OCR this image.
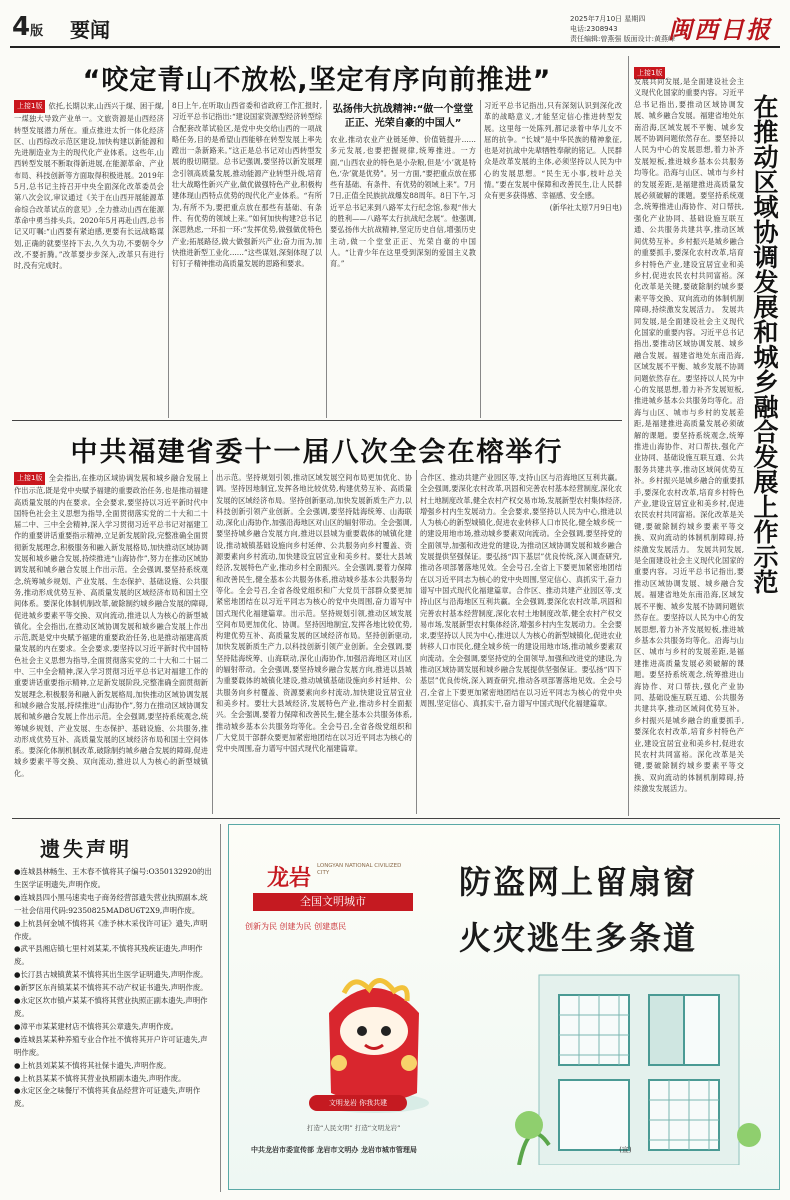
4版 要闻	2025年7月10日 星期四
电话:2308943
责任编辑:曾燕强 版面设计:黄燕峰
闽西日报
“咬定青山不放松,坚定有序向前推进”
上接1版 依托,长期以来,山西兴于煤、困于煤,一煤独大导致产业单一。文旅资源是山西经济转型发展潜力所在。重点推进太忻一体化经济区、山西综改示范区建设,加快构建以新能源和先进制造业为主的现代化产业体系。这些年,山西转型发展不断取得新进展,在能源革命、产业布局、科技创新等方面取得积极进展。2019年5月,总书记主持召开中央全面深化改革委员会第八次会议,审议通过《关于在山西开展能源革命综合改革试点的意见》,全力推动山西在能源革命中勇当排头兵。2020年5月再赴山西,总书记又叮嘱:“山西要有紧迫感,更要有长远战略谋划,正确的就要坚持下去,久久为功,不要朝令夕改,不要折腾。”改革要步步深入,改革只有进行时,没有完成时。
8日上午,在听取山西省委和省政府工作汇报时,习近平总书记指出:“建设国家资源型经济转型综合配套改革试验区,是党中央交给山西的一项战略任务,目的是希望山西能够在转型发展上率先蹚出一条新路来。”这正是总书记对山西转型发展的殷切期望。总书记强调,要坚持以新发展理念引领高质量发展,推动能源产业转型升级,培育壮大战略性新兴产业,做优做强特色产业,积极构建体现山西特点优势的现代化产业体系。“有所为,有所不为,要把重点放在那些有基础、有条件、有优势的领域上来。”如何加快构建?总书记深思熟虑,一环扣一环:“发挥优势,做强做优特色产业;拓展路径,做大做强新兴产业;奋力而为,加快推进新型工业化……”这些谋划,深刻体现了以钉钉子精神推动高质量发展的思路和要求。
弘扬伟大抗战精神:“做一个堂堂正正、光荣自豪的中国人”
农业,推动农业产业链延伸、价值链提升……多元发展,也要把握规律,统筹推进。一方面,“山西农业的特色是小杂粮,但是‘小’就是特色,‘杂’就是优势”。另一方面,“要把重点放在那些有基础、有条件、有优势的领域上来”。7月7日,正值全民族抗战爆发88周年。8日下午,习近平总书记来到八路军太行纪念馆,参观“伟大的胜利——八路军太行抗战纪念展”。他强调,要弘扬伟大抗战精神,坚定历史自信,增强历史主动,做一个堂堂正正、光荣自豪的中国人。“让青少年在这里受到深刻的爱国主义教育。”
习近平总书记指出,只有深刻认识到深化改革的战略意义,才能坚定信心推进转型发展。这里每一处陈列,都记录着中华儿女不屈的抗争。“长城”是中华民族的精神象征,也是对抗战中先辈牺牲奉献的铭记。人民群众是改革发展的主体,必须坚持以人民为中心的发展思想。“民生无小事,枝叶总关情。”要在发展中保障和改善民生,让人民群众有更多获得感、幸福感、安全感。
(新华社太原7月9日电)
上接1版
发展共同发展,是全面建设社会主义现代化国家的重要内容。习近平总书记指出,要推动区域协调发展、城乡融合发展。福建省地处东南沿海,区域发展不平衡、城乡发展不协调问题依然存在。要坚持以人民为中心的发展思想,着力补齐发展短板,推进城乡基本公共服务均等化。沿海与山区、城市与乡村的发展差距,是福建推进高质量发展必须破解的课题。要坚持系统观念,统筹推进山海协作、对口帮扶,强化产业协同、基础设施互联互通、公共服务共建共享,推动区域间优势互补。乡村振兴是城乡融合的重要抓手,要深化农村改革,培育乡村特色产业,建设宜居宜业和美乡村,促进农民农村共同富裕。深化改革是关键,要破除制约城乡要素平等交换、双向流动的体制机制障碍,持续激发发展活力。 发展共同发展,是全面建设社会主义现代化国家的重要内容。习近平总书记指出,要推动区域协调发展、城乡融合发展。福建省地处东南沿海,区域发展不平衡、城乡发展不协调问题依然存在。要坚持以人民为中心的发展思想,着力补齐发展短板,推进城乡基本公共服务均等化。沿海与山区、城市与乡村的发展差距,是福建推进高质量发展必须破解的课题。要坚持系统观念,统筹推进山海协作、对口帮扶,强化产业协同、基础设施互联互通、公共服务共建共享,推动区域间优势互补。乡村振兴是城乡融合的重要抓手,要深化农村改革,培育乡村特色产业,建设宜居宜业和美乡村,促进农民农村共同富裕。深化改革是关键,要破除制约城乡要素平等交换、双向流动的体制机制障碍,持续激发发展活力。 发展共同发展,是全面建设社会主义现代化国家的重要内容。习近平总书记指出,要推动区域协调发展、城乡融合发展。福建省地处东南沿海,区域发展不平衡、城乡发展不协调问题依然存在。要坚持以人民为中心的发展思想,着力补齐发展短板,推进城乡基本公共服务均等化。沿海与山区、城市与乡村的发展差距,是福建推进高质量发展必须破解的课题。要坚持系统观念,统筹推进山海协作、对口帮扶,强化产业协同、基础设施互联互通、公共服务共建共享,推动区域间优势互补。乡村振兴是城乡融合的重要抓手,要深化农村改革,培育乡村特色产业,建设宜居宜业和美乡村,促进农民农村共同富裕。深化改革是关键,要破除制约城乡要素平等交换、双向流动的体制机制障碍,持续激发发展活力。
在推动区域协调发展和城乡融合发展上作示范
中共福建省委十一届八次全会在榕举行
上接1版 全会指出,在推动区域协调发展和城乡融合发展上作出示范,既是党中央赋予福建的重要政治任务,也是推动福建高质量发展的内在要求。全会要求,要坚持以习近平新时代中国特色社会主义思想为指导,全面贯彻落实党的二十大和二十届二中、三中全会精神,深入学习贯彻习近平总书记对福建工作的重要讲话重要指示精神,立足新发展阶段,完整准确全面贯彻新发展理念,积极服务和融入新发展格局,加快推动区域协调发展和城乡融合发展,持续推进“山海协作”,努力在推动区域协调发展和城乡融合发展上作出示范。全会强调,要坚持系统观念,统筹城乡规划、产业发展、生态保护、基础设施、公共服务,推动形成优势互补、高质量发展的区域经济布局和国土空间体系。要深化体制机制改革,破除制约城乡融合发展的障碍,促进城乡要素平等交换、双向流动,推进以人为核心的新型城镇化。全会指出,在推动区域协调发展和城乡融合发展上作出示范,既是党中央赋予福建的重要政治任务,也是推动福建高质量发展的内在要求。全会要求,要坚持以习近平新时代中国特色社会主义思想为指导,全面贯彻落实党的二十大和二十届二中、三中全会精神,深入学习贯彻习近平总书记对福建工作的重要讲话重要指示精神,立足新发展阶段,完整准确全面贯彻新发展理念,积极服务和融入新发展格局,加快推动区域协调发展和城乡融合发展,持续推进“山海协作”,努力在推动区域协调发展和城乡融合发展上作出示范。全会强调,要坚持系统观念,统筹城乡规划、产业发展、生态保护、基础设施、公共服务,推动形成优势互补、高质量发展的区域经济布局和国土空间体系。要深化体制机制改革,破除制约城乡融合发展的障碍,促进城乡要素平等交换、双向流动,推进以人为核心的新型城镇化。
出示范。坚持规划引领,推动区域发展空间布局更加优化、协调。坚持因地制宜,发挥各地比较优势,构建优势互补、高质量发展的区域经济布局。坚持创新驱动,加快发展新质生产力,以科技创新引领产业创新。全会强调,要坚持陆海统筹、山海联动,深化山海协作,加强沿海地区对山区的辐射带动。全会强调,要坚持城乡融合发展方向,推进以县城为重要载体的城镇化建设,推动城镇基础设施向乡村延伸、公共服务向乡村覆盖、资源要素向乡村流动,加快建设宜居宜业和美乡村。要壮大县域经济,发展特色产业,推动乡村全面振兴。全会强调,要着力保障和改善民生,健全基本公共服务体系,推动城乡基本公共服务均等化。全会号召,全省各级党组织和广大党员干部群众要更加紧密地团结在以习近平同志为核心的党中央周围,奋力谱写中国式现代化福建篇章。出示范。坚持规划引领,推动区域发展空间布局更加优化、协调。坚持因地制宜,发挥各地比较优势,构建优势互补、高质量发展的区域经济布局。坚持创新驱动,加快发展新质生产力,以科技创新引领产业创新。全会强调,要坚持陆海统筹、山海联动,深化山海协作,加强沿海地区对山区的辐射带动。全会强调,要坚持城乡融合发展方向,推进以县城为重要载体的城镇化建设,推动城镇基础设施向乡村延伸、公共服务向乡村覆盖、资源要素向乡村流动,加快建设宜居宜业和美乡村。要壮大县域经济,发展特色产业,推动乡村全面振兴。全会强调,要着力保障和改善民生,健全基本公共服务体系,推动城乡基本公共服务均等化。全会号召,全省各级党组织和广大党员干部群众要更加紧密地团结在以习近平同志为核心的党中央周围,奋力谱写中国式现代化福建篇章。
合作区、推动共建产业园区等,支持山区与沿海地区互利共赢。全会强调,要深化农村改革,巩固和完善农村基本经营制度,深化农村土地制度改革,健全农村产权交易市场,发展新型农村集体经济,增强乡村内生发展动力。全会要求,要坚持以人民为中心,推进以人为核心的新型城镇化,促进农业转移人口市民化,健全城乡统一的建设用地市场,推动城乡要素双向流动。全会强调,要坚持党的全面领导,加强和改进党的建设,为推动区域协调发展和城乡融合发展提供坚强保证。要弘扬“四下基层”优良传统,深入调查研究,推动各项部署落地见效。全会号召,全省上下要更加紧密地团结在以习近平同志为核心的党中央周围,坚定信心、真抓实干,奋力谱写中国式现代化福建篇章。合作区、推动共建产业园区等,支持山区与沿海地区互利共赢。全会强调,要深化农村改革,巩固和完善农村基本经营制度,深化农村土地制度改革,健全农村产权交易市场,发展新型农村集体经济,增强乡村内生发展动力。全会要求,要坚持以人民为中心,推进以人为核心的新型城镇化,促进农业转移人口市民化,健全城乡统一的建设用地市场,推动城乡要素双向流动。全会强调,要坚持党的全面领导,加强和改进党的建设,为推动区域协调发展和城乡融合发展提供坚强保证。要弘扬“四下基层”优良传统,深入调查研究,推动各项部署落地见效。全会号召,全省上下要更加紧密地团结在以习近平同志为核心的党中央周围,坚定信心、真抓实干,奋力谱写中国式现代化福建篇章。
遗失声明

●连城县林畅生、王木春不慎将其子编号:O350132920的出生医学证明遗失,声明作废。

●连城县四小黑马速卖电子商务经营部遗失营业执照副本,统一社会信用代码:92350825MAD8U6T2X9,声明作废。

●上杭县何金城不慎将其《准予林木采伐许可证》遗失,声明作废。

●武平县湘店镇七里村刘某某,不慎将其残疾证遗失,声明作废。

●长汀县古城镇黄某不慎将其出生医学证明遗失,声明作废。

●新罗区东肖镇某某不慎将其不动产权证书遗失,声明作废。

●永定区坎市镇卢某某不慎将其营业执照正副本遗失,声明作废。

●漳平市某某建材店不慎将其公章遗失,声明作废。

●连城县某某种养殖专业合作社不慎将其开户许可证遗失,声明作废。

●上杭县刘某某不慎将其社保卡遗失,声明作废。

●上杭县某某不慎将其营业执照副本遗失,声明作废。

●永定区金之味餐厅不慎将其食品经营许可证遗失,声明作废。

龙岩 LONGYAN NATIONAL CIVILIZED CITY
全国文明城市
创新为民 创建为民 创建惠民
防盗网上留扇窗
火灾逃生多条道
文明龙岩 你我共建
打造“人民文明” 打造“文明龙岩”
中共龙岩市委宣传部 龙岩市文明办 龙岩市城市管理局	(宣)
